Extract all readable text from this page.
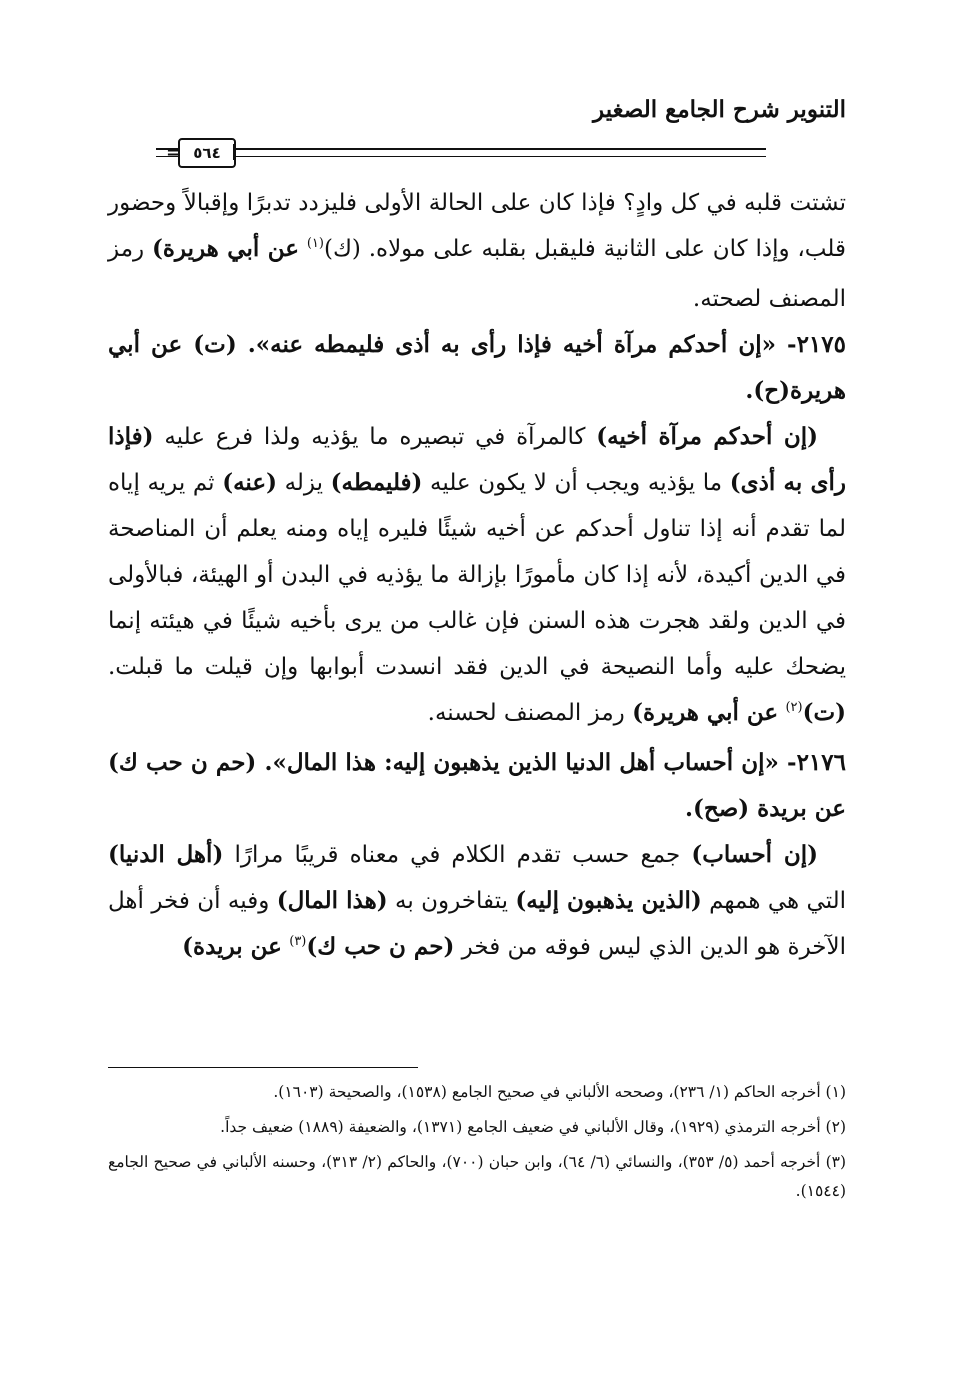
التنوير شرح الجامع الصغير
٥٦٤
=

تشتت قلبه في كل وادٍ؟ فإذا كان على الحالة الأولى فليزدد تدبرًا وإقبالاً وحضور قلب، وإذا كان على الثانية فليقبل بقلبه على مولاه. (ك)$^{(١)}$ عن أبي هريرة) رمز المصنف لصحته.

٢١٧٥- «إن أحدكم مرآة أخيه فإذا رأى به أذى فليمطه عنه». (ت) عن أبي هريرة(ح).

(إن أحدكم مرآة أخيه) كالمرآة في تبصيره ما يؤذيه ولذا فرع عليه (فإذا رأى به أذى) ما يؤذيه ويجب أن لا يكون عليه (فليمطه) يزله (عنه) ثم يريه إياه لما تقدم أنه إذا تناول أحدكم عن أخيه شيئًا فليره إياه ومنه يعلم أن المناصحة في الدين أكيدة، لأنه إذا كان مأمورًا بإزالة ما يؤذيه في البدن أو الهيئة، فبالأولى في الدين ولقد هجرت هذه السنن فإن غالب من يرى بأخيه شيئًا في هيئته إنما يضحك عليه وأما النصيحة في الدين فقد انسدت أبوابها وإن قيلت ما قبلت. (ت)$^{(٢)}$ عن أبي هريرة) رمز المصنف لحسنه.

٢١٧٦- «إن أحساب أهل الدنيا الذين يذهبون إليه: هذا المال». (حم ن حب ك) عن بريدة (صح).

(إن أحساب) جمع حسب تقدم الكلام في معناه قريبًا مرارًا (أهل الدنيا) التي هي همهم (الذين يذهبون إليه) يتفاخرون به (هذا المال) وفيه أن فخر أهل الآخرة هو الدين الذي ليس فوقه من فخر (حم ن حب ك)$^{(٣)}$ عن بريدة)

(١) أخرجه الحاكم (١/ ٢٣٦)، وصححه الألباني في صحيح الجامع (١٥٣٨)، والصحيحة (١٦٠٣).

(٢) أخرجه الترمذي (١٩٢٩)، وقال الألباني في ضعيف الجامع (١٣٧١)، والضعيفة (١٨٨٩) ضعيف جداً.

(٣) أخرجه أحمد (٥/ ٣٥٣)، والنسائي (٦/ ٦٤)، وابن حبان (٧٠٠)، والحاكم (٢/ ٣١٣)، وحسنه الألباني في صحيح الجامع (١٥٤٤).
